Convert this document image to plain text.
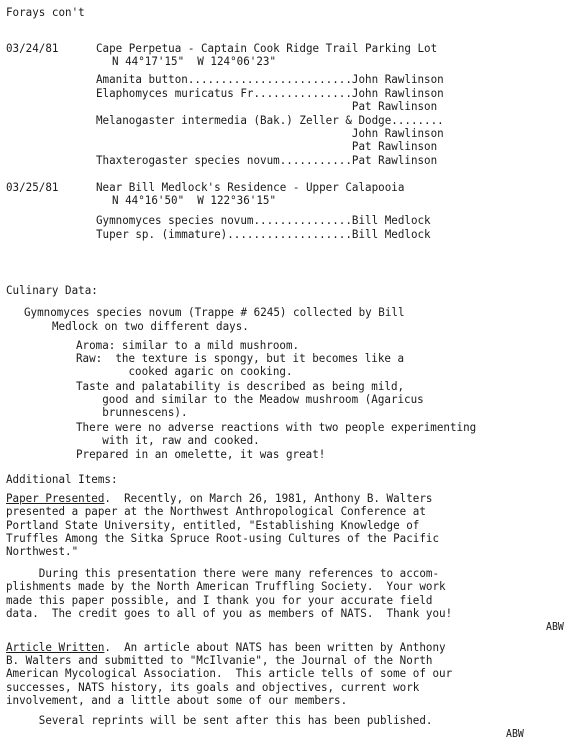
Forays con't
03/24/81	Cape Perpetua - Captain Cook Ridge Trail Parking Lot
N 44°17'15"  W 124°06'23"
Amanita button.........................John Rawlinson
Elaphomyces muricatus Fr...............John Rawlinson
Pat Rawlinson
Melanogaster intermedia (Bak.) Zeller & Dodge........
John Rawlinson
Pat Rawlinson
Thaxterogaster species novum...........Pat Rawlinson
03/25/81	Near Bill Medlock's Residence - Upper Calapooia
N 44°16'50"  W 122°36'15"
Gymnomyces species novum...............Bill Medlock
Tuper sp. (immature)...................Bill Medlock
Culinary Data:
Gymnomyces species novum (Trappe # 6245) collected by Bill
Medlock on two different days.
Aroma: similar to a mild mushroom.
Raw:  the texture is spongy, but it becomes like a
cooked agaric on cooking.
Taste and palatability is described as being mild,
good and similar to the Meadow mushroom (Agaricus
brunnescens).
There were no adverse reactions with two people experimenting
with it, raw and cooked.
Prepared in an omelette, it was great!
Additional Items:
Paper Presented.  Recently, on March 26, 1981, Anthony B. Walters
presented a paper at the Northwest Anthropological Conference at
Portland State University, entitled, "Establishing Knowledge of
Truffles Among the Sitka Spruce Root-using Cultures of the Pacific
Northwest."
During this presentation there were many references to accom-
plishments made by the North American Truffling Society.  Your work
made this paper possible, and I thank you for your accurate field
data.  The credit goes to all of you as members of NATS.  Thank you!
ABW
Article Written.  An article about NATS has been written by Anthony
B. Walters and submitted to "McIlvanie", the Journal of the North
American Mycological Association.  This article tells of some of our
successes, NATS history, its goals and objectives, current work
involvement, and a little about some of our members.
Several reprints will be sent after this has been published.
ABW
